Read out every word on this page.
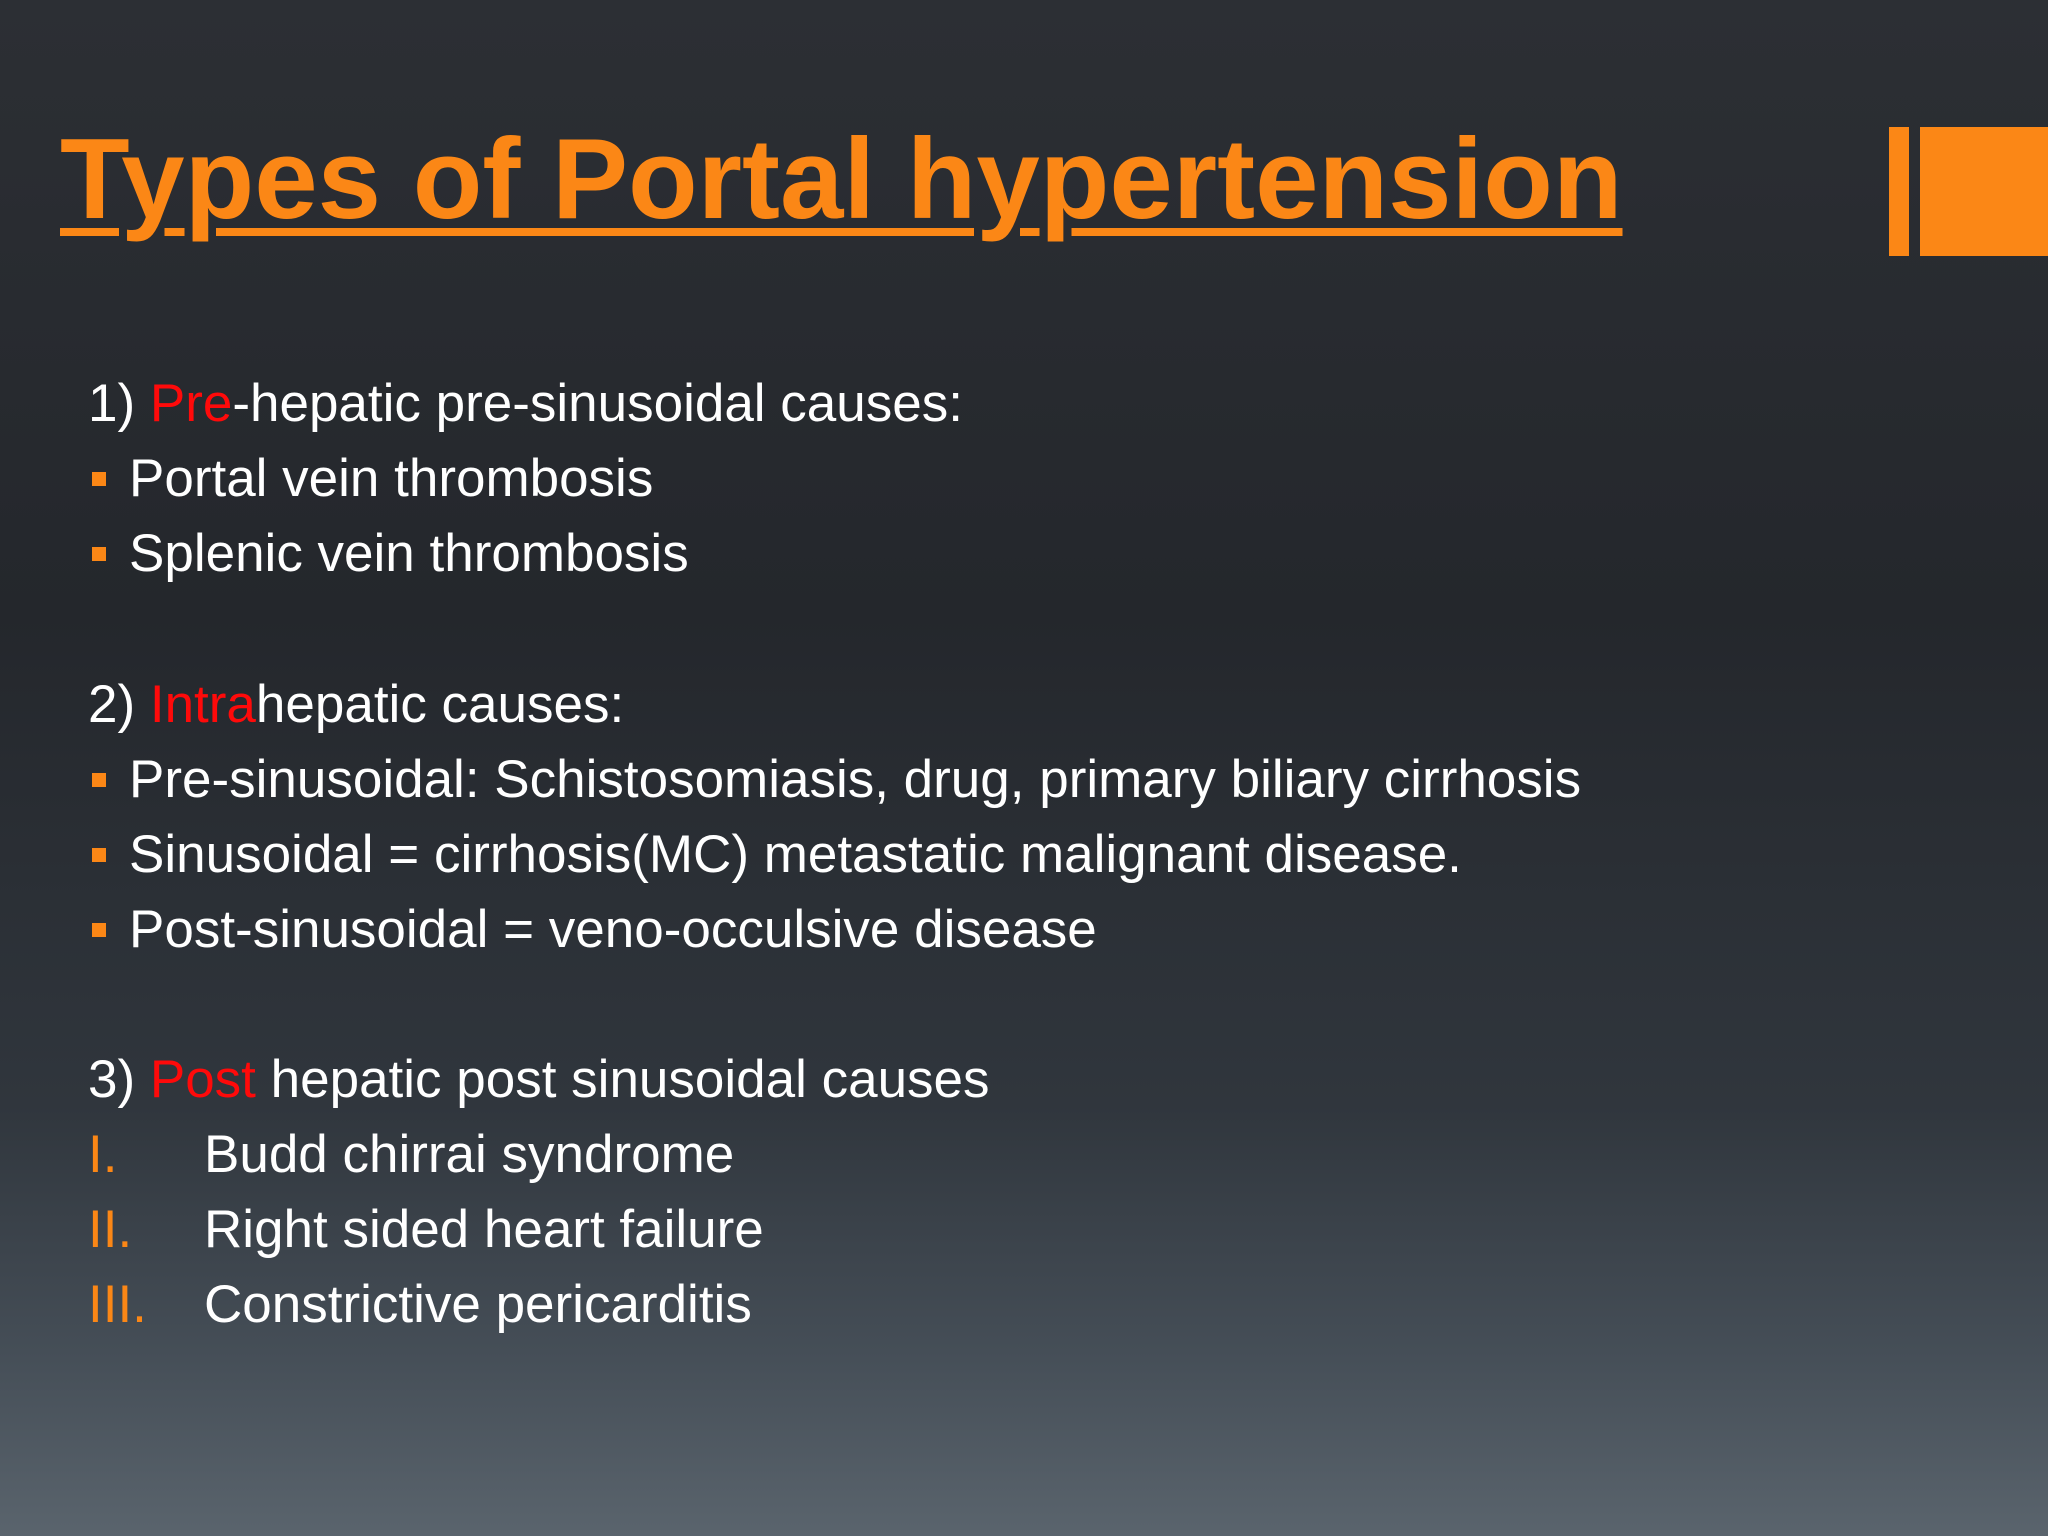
Types of Portal hypertension
1) Pre-hepatic pre-sinusoidal causes:
Portal vein thrombosis
Splenic vein thrombosis
2) Intrahepatic causes:
Pre-sinusoidal: Schistosomiasis, drug, primary biliary cirrhosis
Sinusoidal = cirrhosis(MC) metastatic malignant disease.
Post-sinusoidal = veno-occulsive disease
3) Post hepatic post sinusoidal causes
I. Budd chirrai syndrome
II. Right sided heart failure
III. Constrictive pericarditis
